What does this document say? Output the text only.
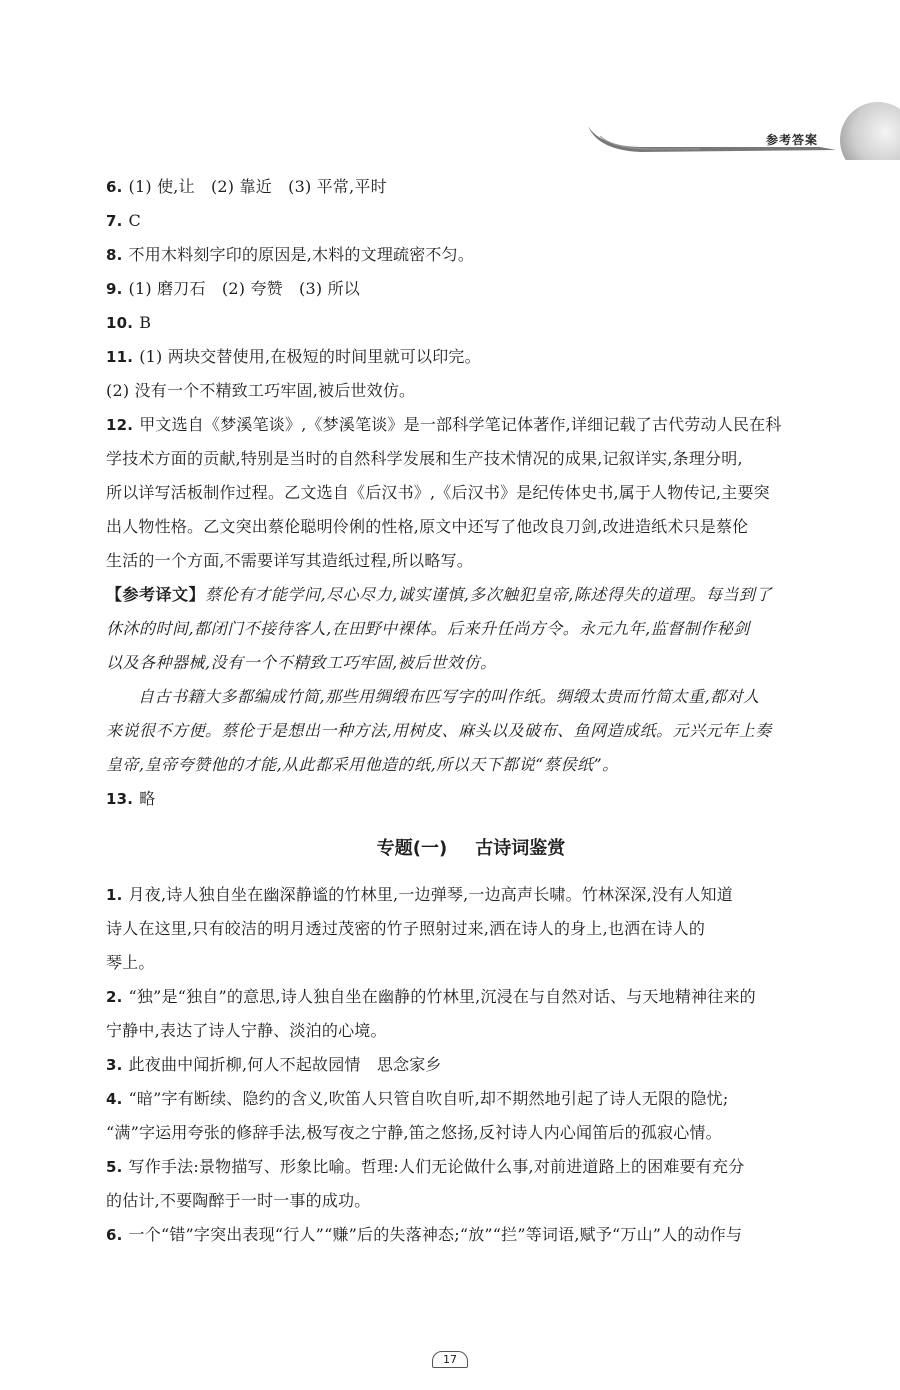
参考答案
6. (1) 使,让　(2) 靠近　(3) 平常,平时
7. C
8. 不用木料刻字印的原因是,木料的文理疏密不匀。
9. (1) 磨刀石　(2) 夸赞　(3) 所以
10. B
11. (1) 两块交替使用,在极短的时间里就可以印完。
(2) 没有一个不精致工巧牢固,被后世效仿。
12. 甲文选自《梦溪笔谈》,《梦溪笔谈》是一部科学笔记体著作,详细记载了古代劳动人民在科
学技术方面的贡献,特别是当时的自然科学发展和生产技术情况的成果,记叙详实,条理分明,
所以详写活板制作过程。乙文选自《后汉书》,《后汉书》是纪传体史书,属于人物传记,主要突
出人物性格。乙文突出蔡伦聪明伶俐的性格,原文中还写了他改良刀剑,改进造纸术只是蔡伦
生活的一个方面,不需要详写其造纸过程,所以略写。
【参考译文】蔡伦有才能学问,尽心尽力,诚实谨慎,多次触犯皇帝,陈述得失的道理。每当到了
休沐的时间,都闭门不接待客人,在田野中裸体。后来升任尚方令。永元九年,监督制作秘剑
以及各种器械,没有一个不精致工巧牢固,被后世效仿。
自古书籍大多都编成竹简,那些用绸缎布匹写字的叫作纸。绸缎太贵而竹简太重,都对人
来说很不方便。蔡伦于是想出一种方法,用树皮、麻头以及破布、鱼网造成纸。元兴元年上奏
皇帝,皇帝夸赞他的才能,从此都采用他造的纸,所以天下都说“蔡侯纸”。
13. 略
专题(一) 古诗词鉴赏
1. 月夜,诗人独自坐在幽深静谧的竹林里,一边弹琴,一边高声长啸。竹林深深,没有人知道
诗人在这里,只有皎洁的明月透过茂密的竹子照射过来,洒在诗人的身上,也洒在诗人的
琴上。
2. “独”是“独自”的意思,诗人独自坐在幽静的竹林里,沉浸在与自然对话、与天地精神往来的
宁静中,表达了诗人宁静、淡泊的心境。
3. 此夜曲中闻折柳,何人不起故园情　思念家乡
4. “暗”字有断续、隐约的含义,吹笛人只管自吹自听,却不期然地引起了诗人无限的隐忧;
“满”字运用夸张的修辞手法,极写夜之宁静,笛之悠扬,反衬诗人内心闻笛后的孤寂心情。
5. 写作手法:景物描写、形象比喻。哲理:人们无论做什么事,对前进道路上的困难要有充分
的估计,不要陶醉于一时一事的成功。
6. 一个“错”字突出表现“行人”“赚”后的失落神态;“放”“拦”等词语,赋予“万山”人的动作与
17
